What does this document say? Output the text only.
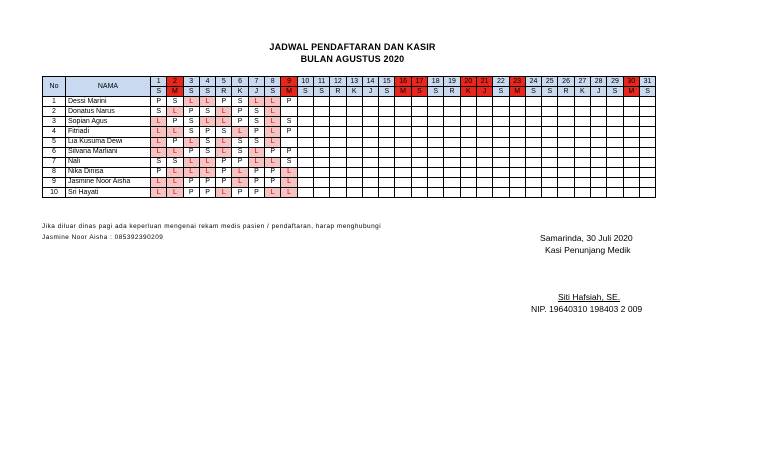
JADWAL PENDAFTARAN DAN KASIR
BULAN AGUSTUS 2020
No	NAMA	1	2	3	4	5	6	7	8	9	10	11	12	13	14	15	16	17	18	19	20	21	22	23	24	25	26	27	28	29	30	31
		S	M	S	S	R	K	J	S	M	S	S	R	K	J	S	M	S	S	R	K	J	S	M	S	S	R	K	J	S	M	S
1	Dessi Marini	P	S	L	L	P	S	L	L	P																						
2	Donatus Narus	S	L	P	S	L	P	S	L																							
3	Sopian Agus	L	P	S	L	L	P	S	L	S																						
4	Fitriadi	L	L	S	P	S	L	P	L	P																						
5	Lia Kusuma Dewi	L	P	L	S	L	S	S	L																							
6	Silvana Marliani	L	L	P	S	L	S	L	P	P																						
7	Nali	S	S	L	L	P	P	L	L	S																						
8	Nika Dinisa	P	L	L	L	P	L	P	P	L																						
9	Jasmine Noor Aisha	L	L	P	P	P	L	P	P	L																						
10	Sri Hayati	L	L	P	P	L	P	P	L	L																						
Jika diluar dinas pagi ada keperluan mengenai rekam medis pasien / pendaftaran, harap menghubungi
Jasmine Noor Aisha : 085392390209	Samarinda, 30 Juli 2020
Kasi Penunjang Medik
Siti Hafsiah, SE.
NIP. 19640310 198403 2 009
